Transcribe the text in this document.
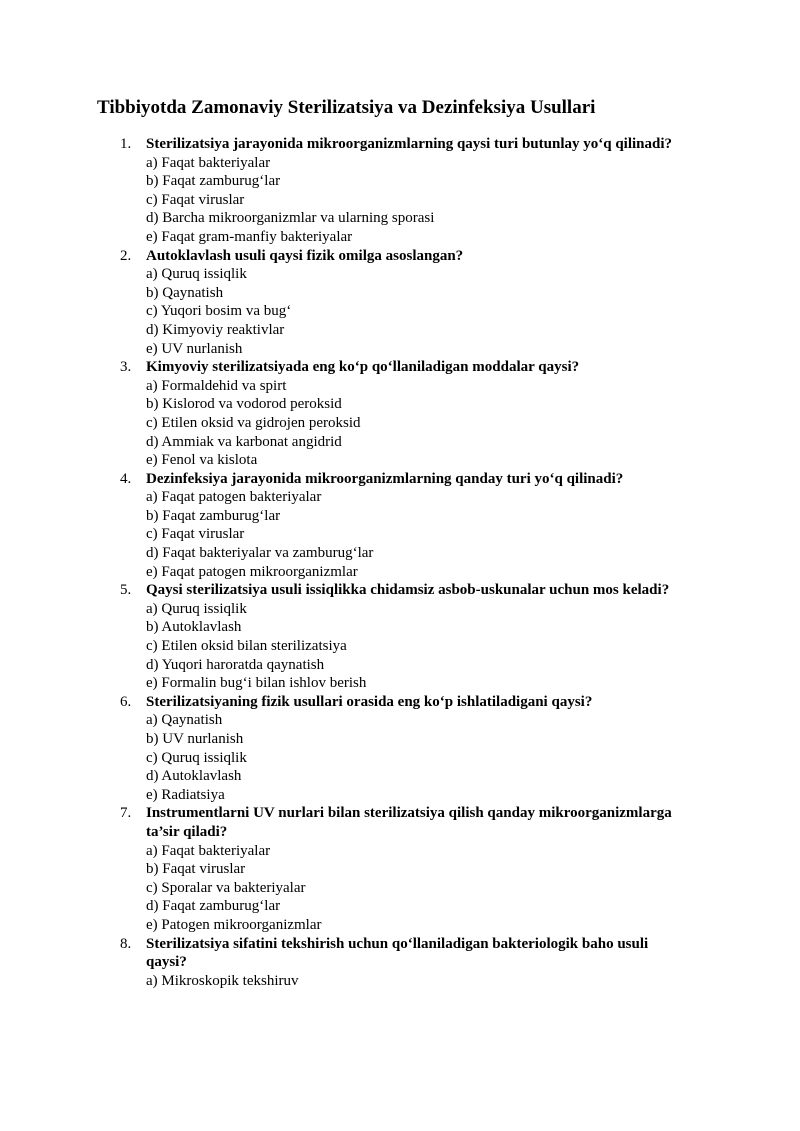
Tibbiyotda Zamonaviy Sterilizatsiya va Dezinfeksiya Usullari
1. Sterilizatsiya jarayonida mikroorganizmlarning qaysi turi butunlay yo‘q qilinadi?

a) Faqat bakteriyalar
b) Faqat zamburug‘lar
c) Faqat viruslar
d) Barcha mikroorganizmlar va ularning sporasi
e) Faqat gram-manfiy bakteriyalar
2. Autoklavlash usuli qaysi fizik omilga asoslangan?

a) Quruq issiqlik
b) Qaynatish
c) Yuqori bosim va bug‘
d) Kimyoviy reaktivlar
e) UV nurlanish
3. Kimyoviy sterilizatsiyada eng ko‘p qo‘llaniladigan moddalar qaysi?

a) Formaldehid va spirt
b) Kislorod va vodorod peroksid
c) Etilen oksid va gidrojen peroksid
d) Ammiak va karbonat angidrid
e) Fenol va kislota
4. Dezinfeksiya jarayonida mikroorganizmlarning qanday turi yo‘q qilinadi?

a) Faqat patogen bakteriyalar
b) Faqat zamburug‘lar
c) Faqat viruslar
d) Faqat bakteriyalar va zamburug‘lar
e) Faqat patogen mikroorganizmlar
5. Qaysi sterilizatsiya usuli issiqlikka chidamsiz asbob-uskunalar uchun mos keladi?

a) Quruq issiqlik
b) Autoklavlash
c) Etilen oksid bilan sterilizatsiya
d) Yuqori haroratda qaynatish
e) Formalin bug‘i bilan ishlov berish
6. Sterilizatsiyaning fizik usullari orasida eng ko‘p ishlatiladigani qaysi?

a) Qaynatish
b) UV nurlanish
c) Quruq issiqlik
d) Autoklavlash
e) Radiatsiya
7. Instrumentlarni UV nurlari bilan sterilizatsiya qilish qanday mikroorganizmlarga ta’sir qiladi?

a) Faqat bakteriyalar
b) Faqat viruslar
c) Sporalar va bakteriyalar
d) Faqat zamburug‘lar
e) Patogen mikroorganizmlar
8. Sterilizatsiya sifatini tekshirish uchun qo‘llaniladigan bakteriologik baho usuli qaysi?

a) Mikroskopik tekshiruv
